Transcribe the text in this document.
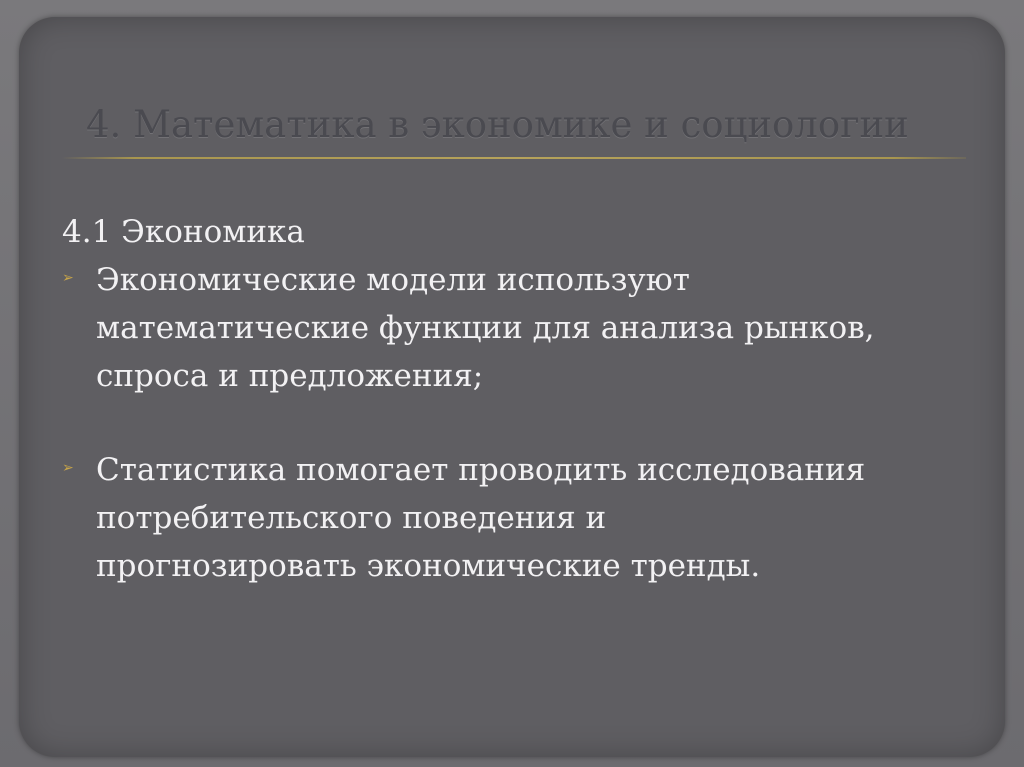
4. Математика в экономике и социологии

4.1 Экономика

➢ Экономические модели используют
математические функции для анализа рынков,
спроса и предложения;
➢ Статистика помогает проводить исследования
потребительского поведения и
прогнозировать экономические тренды.
